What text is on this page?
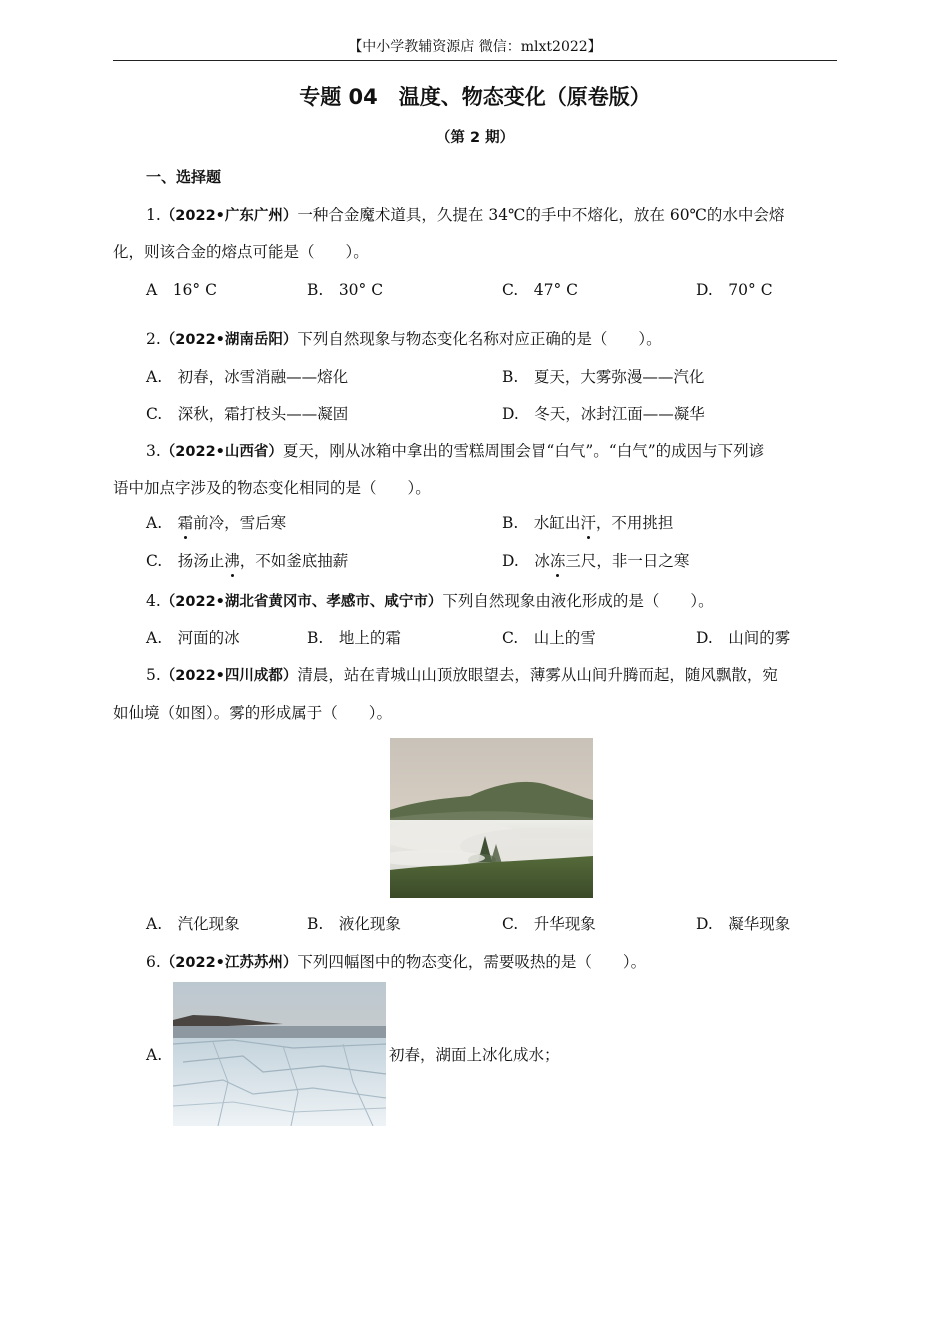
【中小学教辅资源店 微信：mlxt2022】
专题 04　温度、物态变化（原卷版）
（第 2 期）
一、选择题
1.（2022•广东广州）一种合金魔术道具，久提在 34℃的手中不熔化，放在 60℃的水中会熔
化，则该合金的熔点可能是（　　）。
A　16° C	B.　30° C	C.　47° C	D.　70° C
2.（2022•湖南岳阳）下列自然现象与物态变化名称对应正确的是（　　）。
A.　初春，冰雪消融——熔化	B.　夏天，大雾弥漫——汽化
C.　深秋，霜打枝头——凝固	D.　冬天，冰封江面——凝华
3.（2022•山西省）夏天，刚从冰箱中拿出的雪糕周围会冒“白气”。“白气”的成因与下列谚
语中加点字涉及的物态变化相同的是（　　）。
A.　霜前冷，雪后寒	B.　水缸出汗，不用挑担
C.　扬汤止沸，不如釜底抽薪	D.　冰冻三尺，非一日之寒
4.（2022•湖北省黄冈市、孝感市、咸宁市）下列自然现象由液化形成的是（　　）。
A.　河面的冰	B.　地上的霜	C.　山上的雪	D.　山间的雾
5.（2022•四川成都）清晨，站在青城山山顶放眼望去，薄雾从山间升腾而起，随风飘散，宛
如仙境（如图）。雾的形成属于（　　）。
A.　汽化现象	B.　液化现象	C.　升华现象	D.　凝华现象
6.（2022•江苏苏州）下列四幅图中的物态变化，需要吸热的是（　　）。
A.	初春，湖面上冰化成水；
